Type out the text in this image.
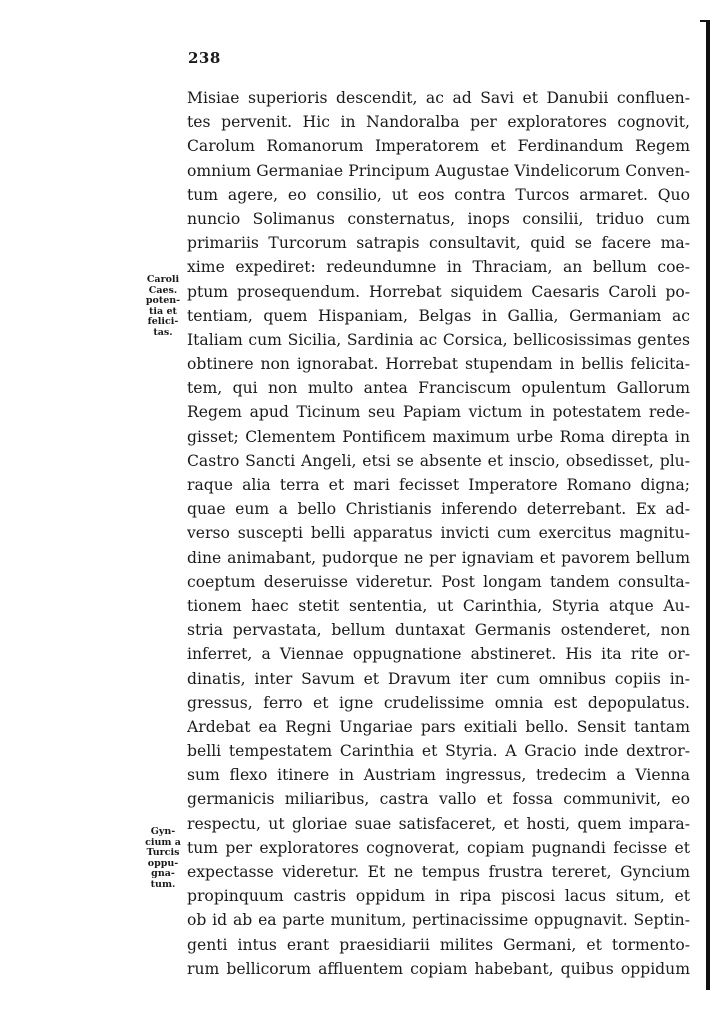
238
Misiae superioris descendit, ac ad Savi et Danubii confluen-
tes pervenit. Hic in Nandoralba per exploratores cognovit,
Carolum Romanorum Imperatorem et Ferdinandum Regem
omnium Germaniae Principum Augustae Vindelicorum Conven-
tum agere, eo consilio, ut eos contra Turcos armaret. Quo
nuncio Solimanus consternatus, inops consilii, triduo cum
primariis Turcorum satrapis consultavit, quid se facere ma-
xime expediret: redeundumne in Thraciam, an bellum coe-
ptum prosequendum. Horrebat siquidem Caesaris Caroli po-
tentiam, quem Hispaniam, Belgas in Gallia, Germaniam ac
Italiam cum Sicilia, Sardinia ac Corsica, bellicosissimas gentes
obtinere non ignorabat. Horrebat stupendam in bellis felicita-
tem, qui non multo antea Franciscum opulentum Gallorum
Regem apud Ticinum seu Papiam victum in potestatem rede-
gisset; Clementem Pontificem maximum urbe Roma direpta in
Castro Sancti Angeli, etsi se absente et inscio, obsedisset, plu-
raque alia terra et mari fecisset Imperatore Romano digna;
quae eum a bello Christianis inferendo deterrebant. Ex ad-
verso suscepti belli apparatus invicti cum exercitus magnitu-
dine animabant, pudorque ne per ignaviam et pavorem bellum
coeptum deseruisse videretur. Post longam tandem consulta-
tionem haec stetit sententia, ut Carinthia, Styria atque Au-
stria pervastata, bellum duntaxat Germanis ostenderet, non
inferret, a Viennae oppugnatione abstineret. His ita rite or-
dinatis, inter Savum et Dravum iter cum omnibus copiis in-
gressus, ferro et igne crudelissime omnia est depopulatus.
Ardebat ea Regni Ungariae pars exitiali bello. Sensit tantam
belli tempestatem Carinthia et Styria. A Gracio inde dextror-
sum flexo itinere in Austriam ingressus, tredecim a Vienna
germanicis miliaribus, castra vallo et fossa communivit, eo
respectu, ut gloriae suae satisfaceret, et hosti, quem impara-
tum per exploratores cognoverat, copiam pugnandi fecisse et
expectasse videretur. Et ne tempus frustra tereret, Gyncium
propinquum castris oppidum in ripa piscosi lacus situm, et
ob id ab ea parte munitum, pertinacissime oppugnavit. Septin-
genti intus erant praesidiarii milites Germani, et tormento-
rum bellicorum affluentem copiam habebant, quibus oppidum
Caroli
Caes.
poten-
tia et
felici-
tas.
Gyn-
cium a
Turcis
oppu-
gna-
tum.
